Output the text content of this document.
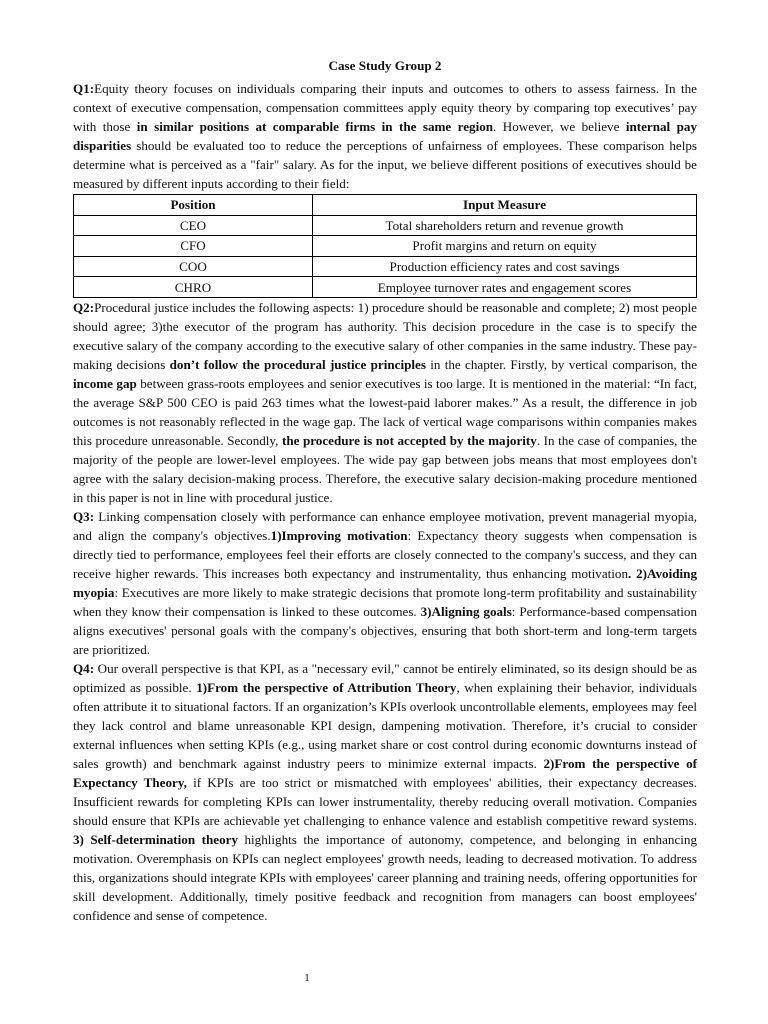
Case Study Group 2

Q1:Equity theory focuses on individuals comparing their inputs and outcomes to others to assess fairness. In the context of executive compensation, compensation committees apply equity theory by comparing top executives’ pay with those in similar positions at comparable firms in the same region. However, we believe internal pay disparities should be evaluated too to reduce the perceptions of unfairness of employees. These comparison helps determine what is perceived as a "fair" salary. As for the input, we believe different positions of executives should be measured by different inputs according to their field:

Position	Input Measure
CEO	Total shareholders return and revenue growth
CFO	Profit margins and return on equity
COO	Production efficiency rates and cost savings
CHRO	Employee turnover rates and engagement scores

Q2:Procedural justice includes the following aspects: 1) procedure should be reasonable and complete; 2) most people should agree; 3)the executor of the program has authority. This decision procedure in the case is to specify the executive salary of the company according to the executive salary of other companies in the same industry. These pay-making decisions don’t follow the procedural justice principles in the chapter. Firstly, by vertical comparison, the income gap between grass-roots employees and senior executives is too large. It is mentioned in the material: “In fact, the average S&P 500 CEO is paid 263 times what the lowest-paid laborer makes.” As a result, the difference in job outcomes is not reasonably reflected in the wage gap. The lack of vertical wage comparisons within companies makes this procedure unreasonable. Secondly, the procedure is not accepted by the majority. In the case of companies, the majority of the people are lower-level employees. The wide pay gap between jobs means that most employees don't agree with the salary decision-making process. Therefore, the executive salary decision-making procedure mentioned in this paper is not in line with procedural justice.

Q3: Linking compensation closely with performance can enhance employee motivation, prevent managerial myopia, and align the company's objectives.1)Improving motivation: Expectancy theory suggests when compensation is directly tied to performance, employees feel their efforts are closely connected to the company's success, and they can receive higher rewards. This increases both expectancy and instrumentality, thus enhancing motivation. 2)Avoiding myopia: Executives are more likely to make strategic decisions that promote long-term profitability and sustainability when they know their compensation is linked to these outcomes. 3)Aligning goals: Performance-based compensation aligns executives' personal goals with the company's objectives, ensuring that both short-term and long-term targets are prioritized.

Q4: Our overall perspective is that KPI, as a "necessary evil," cannot be entirely eliminated, so its design should be as optimized as possible. 1)From the perspective of Attribution Theory, when explaining their behavior, individuals often attribute it to situational factors. If an organization’s KPIs overlook uncontrollable elements, employees may feel they lack control and blame unreasonable KPI design, dampening motivation. Therefore, it’s crucial to consider external influences when setting KPIs (e.g., using market share or cost control during economic downturns instead of sales growth) and benchmark against industry peers to minimize external impacts. 2)From the perspective of Expectancy Theory, if KPIs are too strict or mismatched with employees' abilities, their expectancy decreases. Insufficient rewards for completing KPIs can lower instrumentality, thereby reducing overall motivation. Companies should ensure that KPIs are achievable yet challenging to enhance valence and establish competitive reward systems. 3) Self-determination theory highlights the importance of autonomy, competence, and belonging in enhancing motivation. Overemphasis on KPIs can neglect employees' growth needs, leading to decreased motivation. To address this, organizations should integrate KPIs with employees' career planning and training needs, offering opportunities for skill development. Additionally, timely positive feedback and recognition from managers can boost employees' confidence and sense of competence.

1
